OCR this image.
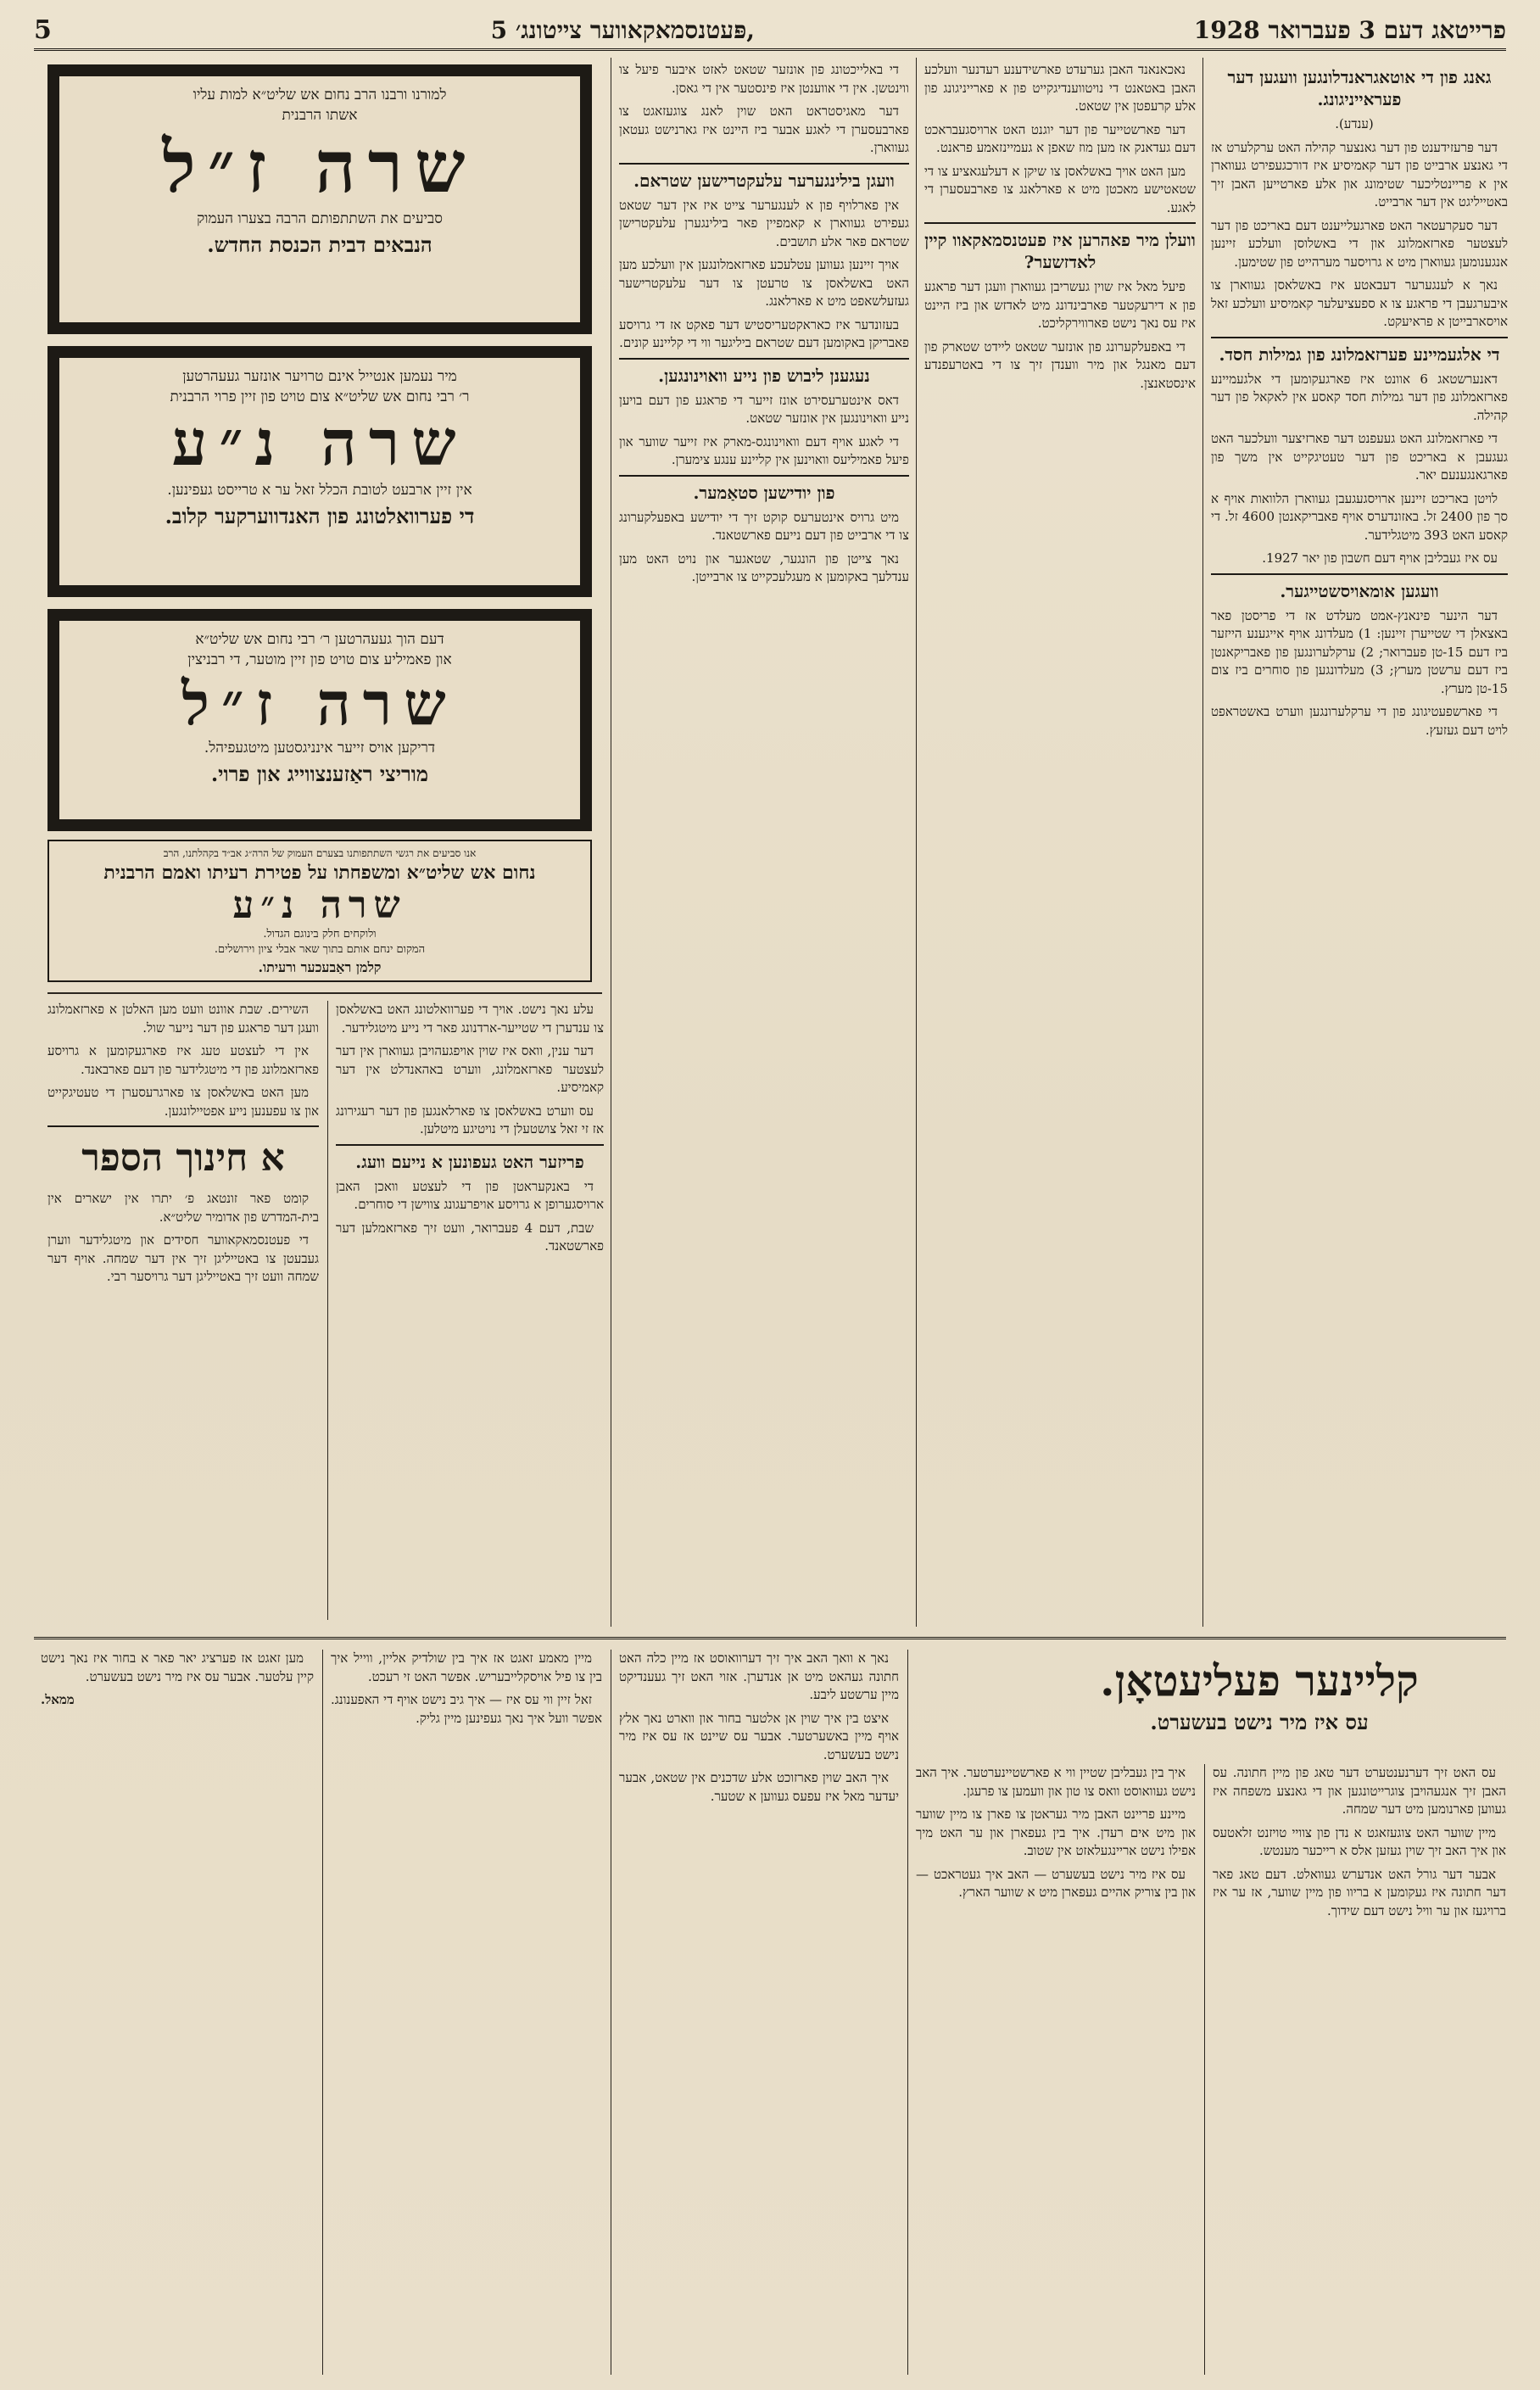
פרייטאג דעם 3 פעברואר 1928
,פּעטנסמאקאווער צייטונג׳ 5
5
גאנג פון די אוטאגראנדלונגען וועגען דער פעראייניגונג.

(ענדע).

דער פּרעזידענט פון דער גאנצער קהילה האט ערקלערט אז די גאנצע ארבייט פון דער קאמיסיע איז דורכגעפירט געווארן אין א פריינטליכער שטימונג און אלע פארטייען האבן זיך באטייליגט אין דער ארבייט.

דער סעקרעטאר האט פארגעלייענט דעם באריכט פון דער לעצטער פארזאמלונג און די באשלוסן וועלכע זיינען אנגענומען געווארן מיט א גרויסער מערהייט פון שטימען.

נאך א לענגערער דעבאטע איז באשלאסן געווארן צו איבערגעבן די פראגע צו א ספעציעלער קאמיסיע וועלכע זאל אויסארבייטן א פראיעקט.

די אלגעמיינע פערזאמלונג פון גמילות חסד.

דאנערשטאג 6 אוונט איז פארגעקומען די אלגעמיינע פארזאמלונג פון דער גמילות חסד קאסע אין לאקאל פון דער קהילה.

די פארזאמלונג האט געעפנט דער פארזיצער וועלכער האט געגעבן א באריכט פון דער טעטיגקייט אין משך פון פארגאנגענעם יאר.

לויטן באריכט זיינען ארויסגעגעבן געווארן הלוואות אויף א סך פון 2400 זל. באזונדערס אויף פאבריקאנטן 4600 זל. די קאסע האט 393 מיטגלידער.

עס איז געבליבן אויף דעם חשבון פון יאר 1927.

וועגען אומאויסשטייגער.

דער הינער פינאנץ-אמט מעלדט אז די פריסטן פאר באצאלן די שטייערן זיינען: 1) מעלדונג אויף אייגענע הייזער ביז דעם 15-טן פעברואר; 2) ערקלערונגען פון פאבריקאנטן ביז דעם ערשטן מערץ; 3) מעלדונגען פון סוחרים ביז צום 15-טן מערץ.

די פארשפעטיגונג פון די ערקלערונגען ווערט באשטראפט לויט דעם געזעץ.

נאכאנאנד האבן גערעדט פארשידענע רעדנער וועלכע האבן באטאנט די נויטווענדיגקייט פון א פארייניגונג פון אלע קרעפטן אין שטאט.

דער פארשטייער פון דער יוגנט האט ארויסגעבראכט דעם געדאנק אז מען מוז שאפן א געמיינזאמע פראנט.

מען האט אויך באשלאסן צו שיקן א דעלעגאציע צו די שטאטישע מאכטן מיט א פארלאנג צו פארבעסערן די לאגע.

וועלן מיר פאהרען איז פעטנסמאקאוו קיין לאדזשער?

פיעל מאל איז שוין געשריבן געווארן וועגן דער פראגע פון א דירעקטער פארבינדונג מיט לאדזש און ביז היינט איז עס נאך נישט פארווירקליכט.

די באפעלקערונג פון אונזער שטאט ליידט שטארק פון דעם מאנגל און מיר ווענדן זיך צו די באטרעפנדע אינסטאנצן.

די באלייכטונג פון אונזער שטאט לאזט איבער פיעל צו ווינטשן. אין די אווענטן איז פינסטער אין די גאסן.

דער מאגיסטראט האט שוין לאנג צוגעזאגט צו פארבעסערן די לאגע אבער ביז היינט איז גארנישט געטאן געווארן.

וועגן בילינגערער עלעקטרישען שטראם.

אין פארלויף פון א לענגערער צייט איז אין דער שטאט געפירט געווארן א קאמפיין פאר בילינגערן עלעקטרישן שטראם פאר אלע תושבים.

אויך זיינען געווען עטלעכע פארזאמלונגען אין וועלכע מען האט באשלאסן צו טרעטן צו דער עלעקטרישער געזעלשאפט מיט א פארלאנג.

בעזונדער איז כאראקטעריסטיש דער פאקט אז די גרויסע פאבריקן באקומען דעם שטראם ביליגער ווי די קליינע קונים.

נעגענן ליבוש פון נייע וואוינונגען.

דאס אינטערעסירט אונז זייער די פראגע פון דעם בויען נייע וואוינונגען אין אונזער שטאט.

די לאגע אויף דעם וואוינונגס-מארק איז זייער שווער און פיעל פאמיליעס וואוינען אין קליינע ענגע צימערן.

פון יודישען סטאַמער.

מיט גרויס אינטערעס קוקט זיך די יודישע באפעלקערונג צו די ארבייט פון דעם נייעם פארשטאנד.

נאך צייטן פון הונגער, שטאגער און נויט האט מען ענדלעך באקומען א מעגלעכקייט צו ארבייטן.

למורנו ורבנו הרב נחום אש שליט״א למות עליו
אשתו הרבנית
שרה ז״ל
סביעים את השתתפותם הרבה בצערו העמוק
הנבאים דבית הכנסת החדש.
מיר נעמען אנטייל אינם טרויער אונזער געעהרטען
ר׳ רבי נחום אש שליט״א צום טויט פון זיין פרוי הרבנית
שרה נ״ע
אין זיין ארבעט לטובת הכלל זאל ער א טרייסט געפינען.
די פערוואלטונג פון האנדווערקער קלוב.
דעם הוך געעהרטען ר׳ רבי נחום אש שליט״א
און פאמיליע צום טויט פון זיין מוטער, די רבניצין
שרה ז״ל
דריקען אויס זייער אינניגסטען מיטגעפיהל.
מוריצי ראַזענצווייג און פרוי.
אנו סביעים את רגשי השתתפותנו בצערם העמוק של הרה״ג אב״ד בקהלתנו, הרב
נחום אש שליט״א ומשפחתו על פטירת רעיתו ואמם הרבנית
שרה נ״ע
ולוקחים חלק בינוגם הגדול.
המקום ינחם אותם בתוך שאר אבלי ציון וירושלים.
קלמן ראַבעכער ורעיתו.

השירים. שבת אוונט וועט מען האלטן א פארזאמלונג וועגן דער פראגע פון דער נייער שול.

אין די לעצטע טעג איז פארגעקומען א גרויסע פארזאמלונג פון די מיטגלידער פון דעם פארבאנד.

מען האט באשלאסן צו פארגרעסערן די טעטיגקייט און צו עפענען נייע אפטיילונגען.

א חינוך הספר

קומט פאר זונטאג פ׳ יתרו אין ישארים אין בית-המדרש פון אדומיר שליט״א.

די פעטנסמאקאווער חסידים און מיטגלידער ווערן געבעטן צו באטייליגן זיך אין דער שמחה. אויף דער שמחה וועט זיך באטייליגן דער גרויסער רבי.

עלע נאך נישט. אויך די פערוואלטונג האט באשלאסן צו ענדערן די שטייער-ארדנונג פאר די נייע מיטגלידער.

דער ענין, וואס איז שוין אויפגעהויבן געווארן אין דער לעצטער פארזאמלונג, ווערט באהאנדלט אין דער קאמיסיע.

עס ווערט באשלאסן צו פארלאנגען פון דער רעגירונג אז זי זאל צושטעלן די נויטיגע מיטלען.

פריזער האט געפונען א נייעם וועג.

די באנקעראטן פון די לעצטע וואכן האבן ארויסגערופן א גרויסע אויפרעגונג צווישן די סוחרים.

שבת, דעם 4 פעברואר, וועט זיך פארזאמלען דער פארשטאנד.

קליינער פעליעטאָן.
עס איז מיר נישט בעשערט.

עס האט זיך דערנענטערט דער טאג פון מיין חתונה. עס האבן זיך אנגעהויבן צוגרייטונגען און די גאנצע משפחה איז געווען פארנומען מיט דער שמחה.

מיין שווער האט צוגעזאגט א נדן פון צוויי טויזנט זלאטעס און איך האב זיך שוין געזען אלס א רייכער מענטש.

אבער דער גורל האט אנדערש געוואלט. דעם טאג פאר דער חתונה איז געקומען א בריוו פון מיין שווער, אז ער איז ברויגעז און ער וויל נישט דעם שידוך.

איך בין געבליבן שטיין ווי א פארשטיינערטער. איך האב נישט געוואוסט וואס צו טון און וועמען צו פרעגן.

מיינע פריינט האבן מיר געראטן צו פארן צו מיין שווער און מיט אים רעדן. איך בין געפארן און ער האט מיך אפילו נישט אריינגעלאזט אין שטוב.

עס איז מיר נישט בעשערט — האב איך געטראכט — און בין צוריק אהיים געפארן מיט א שווער הארץ.

נאך א וואך האב איך זיך דערוואוסט אז מיין כלה האט חתונה געהאט מיט אן אנדערן. אזוי האט זיך געענדיקט מיין ערשטע ליבע.

איצט בין איך שוין אן אלטער בחור און ווארט נאך אלץ אויף מיין באשערטער. אבער עס שיינט אז עס איז מיר נישט בעשערט.

איך האב שוין פארזוכט אלע שדכנים אין שטאט, אבער יעדער מאל איז עפעס געווען א שטער.

מיין מאמע זאגט אז איך בין שולדיק אליין, ווייל איך בין צו פיל אויסקלייבעריש. אפשר האט זי רעכט.

זאל זיין ווי עס איז — איך גיב נישט אויף די האפענונג. אפשר וועל איך נאך געפינען מיין גליק.

מען זאגט אז פערציג יאר פאר א בחור איז נאך נישט קיין עלטער. אבער עס איז מיר נישט בעשערט.

ממאל.
